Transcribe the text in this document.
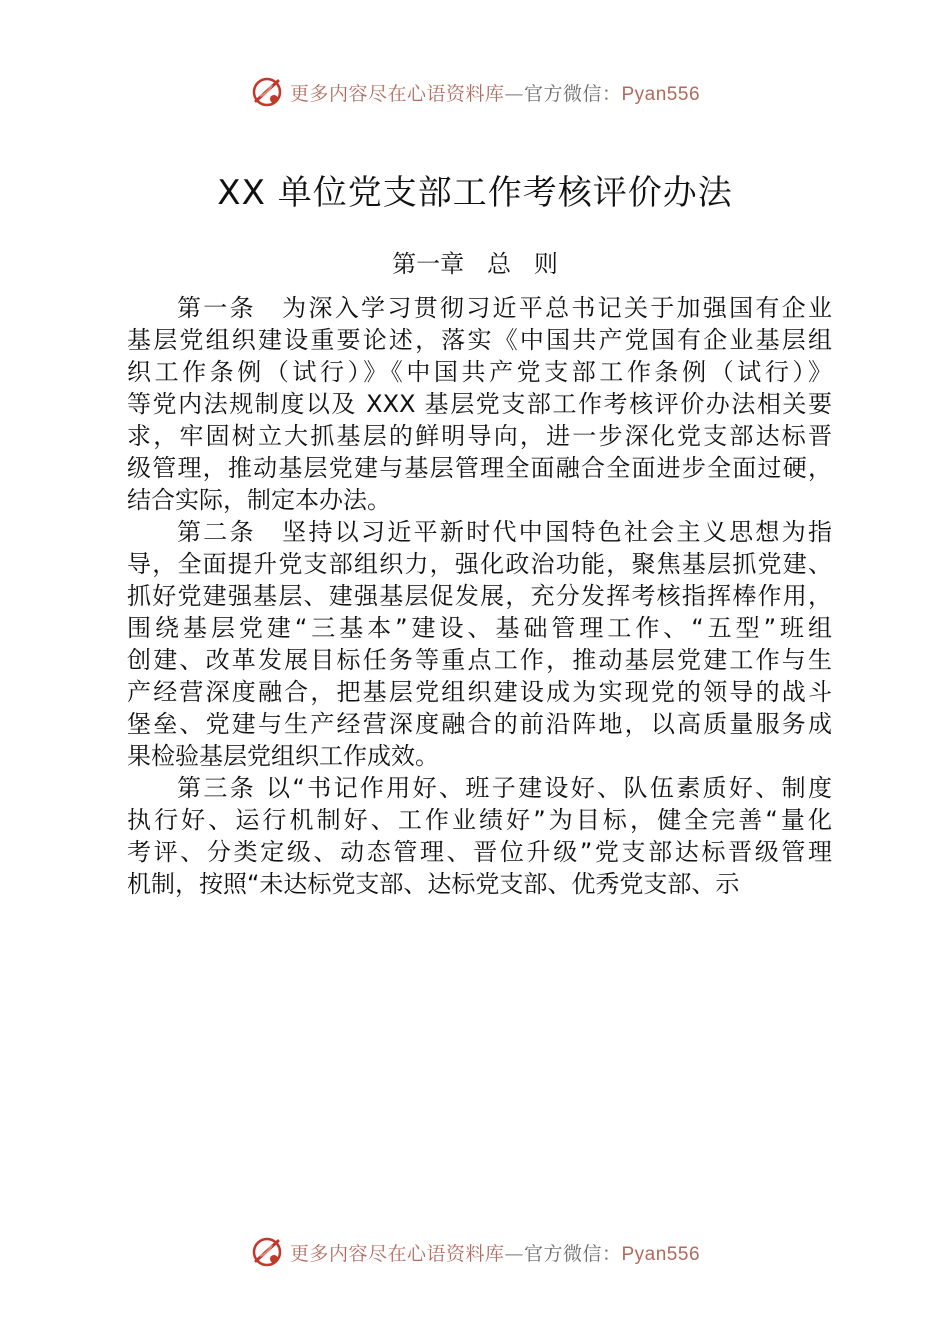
更多内容尽在心语资料库—官方微信：Pyan556
XX 单位党支部工作考核评价办法
第一章   总   则
第一条　为深入学习贯彻习近平总书记关于加强国有企业
基层党组织建设重要论述，落实《中国共产党国有企业基层组
织工作条例（试行）》《中国共产党支部工作条例（试行）》
等党内法规制度以及 XXX 基层党支部工作考核评价办法相关要
求，牢固树立大抓基层的鲜明导向，进一步深化党支部达标晋
级管理，推动基层党建与基层管理全面融合全面进步全面过硬，
结合实际，制定本办法。
第二条　坚持以习近平新时代中国特色社会主义思想为指
导，全面提升党支部组织力，强化政治功能，聚焦基层抓党建、
抓好党建强基层、建强基层促发展，充分发挥考核指挥棒作用，
围绕基层党建“三基本”建设、基础管理工作、“五型”班组
创建、改革发展目标任务等重点工作，推动基层党建工作与生
产经营深度融合，把基层党组织建设成为实现党的领导的战斗
堡垒、党建与生产经营深度融合的前沿阵地，以高质量服务成
果检验基层党组织工作成效。
第三条 以“书记作用好、班子建设好、队伍素质好、制度
执行好、运行机制好、工作业绩好”为目标，健全完善“量化
考评、分类定级、动态管理、晋位升级”党支部达标晋级管理
机制，按照“未达标党支部、达标党支部、优秀党支部、示
更多内容尽在心语资料库—官方微信：Pyan556
